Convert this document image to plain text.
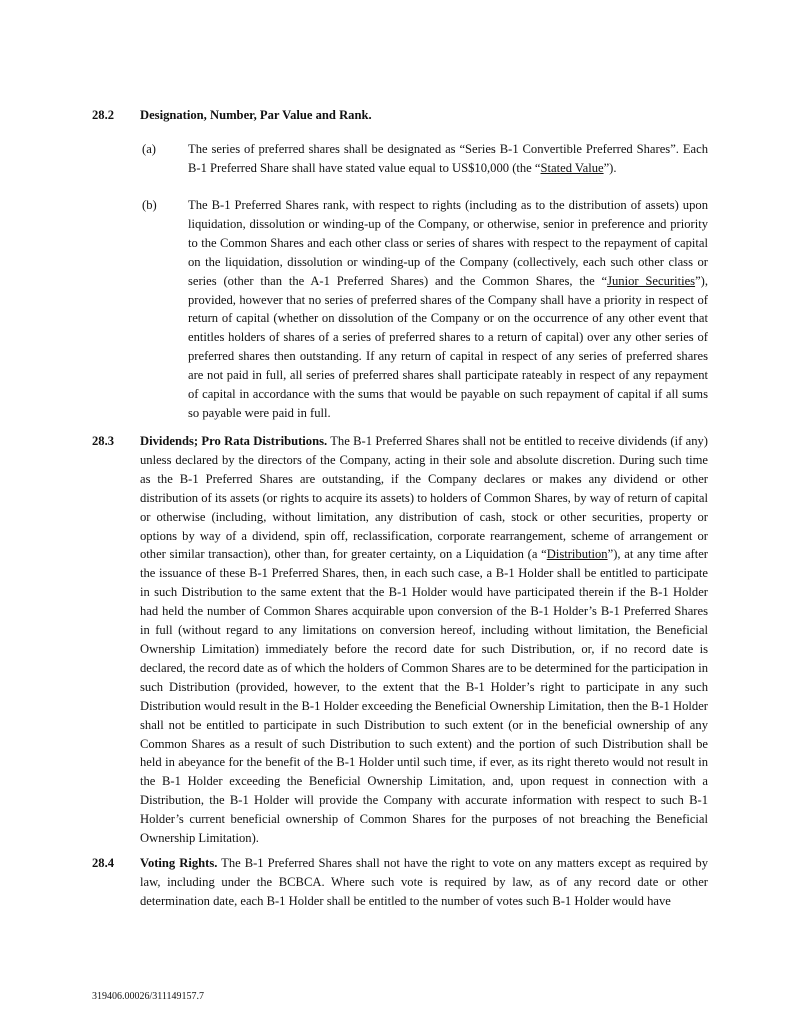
28.2 Designation, Number, Par Value and Rank.
(a)	The series of preferred shares shall be designated as “Series B-1 Convertible Preferred Shares”. Each B-1 Preferred Share shall have stated value equal to US$10,000 (the “Stated Value”).
(b) The B-1 Preferred Shares rank, with respect to rights (including as to the distribution of assets) upon liquidation, dissolution or winding-up of the Company, or otherwise, senior in preference and priority to the Common Shares and each other class or series of shares with respect to the repayment of capital on the liquidation, dissolution or winding-up of the Company (collectively, each such other class or series (other than the A-1 Preferred Shares) and the Common Shares, the “Junior Securities”), provided, however that no series of preferred shares of the Company shall have a priority in respect of return of capital (whether on dissolution of the Company or on the occurrence of any other event that entitles holders of shares of a series of preferred shares to a return of capital) over any other series of preferred shares then outstanding. If any return of capital in respect of any series of preferred shares are not paid in full, all series of preferred shares shall participate rateably in respect of any repayment of capital in accordance with the sums that would be payable on such repayment of capital if all sums so payable were paid in full.
28.3 Dividends; Pro Rata Distributions. The B-1 Preferred Shares shall not be entitled to receive dividends (if any) unless declared by the directors of the Company, acting in their sole and absolute discretion. During such time as the B-1 Preferred Shares are outstanding, if the Company declares or makes any dividend or other distribution of its assets (or rights to acquire its assets) to holders of Common Shares, by way of return of capital or otherwise (including, without limitation, any distribution of cash, stock or other securities, property or options by way of a dividend, spin off, reclassification, corporate rearrangement, scheme of arrangement or other similar transaction), other than, for greater certainty, on a Liquidation (a “Distribution”), at any time after the issuance of these B-1 Preferred Shares, then, in each such case, a B-1 Holder shall be entitled to participate in such Distribution to the same extent that the B-1 Holder would have participated therein if the B-1 Holder had held the number of Common Shares acquirable upon conversion of the B-1 Holder’s B-1 Preferred Shares in full (without regard to any limitations on conversion hereof, including without limitation, the Beneficial Ownership Limitation) immediately before the record date for such Distribution, or, if no record date is declared, the record date as of which the holders of Common Shares are to be determined for the participation in such Distribution (provided, however, to the extent that the B-1 Holder’s right to participate in any such Distribution would result in the B-1 Holder exceeding the Beneficial Ownership Limitation, then the B-1 Holder shall not be entitled to participate in such Distribution to such extent (or in the beneficial ownership of any Common Shares as a result of such Distribution to such extent) and the portion of such Distribution shall be held in abeyance for the benefit of the B-1 Holder until such time, if ever, as its right thereto would not result in the B-1 Holder exceeding the Beneficial Ownership Limitation, and, upon request in connection with a Distribution, the B-1 Holder will provide the Company with accurate information with respect to such B-1 Holder’s current beneficial ownership of Common Shares for the purposes of not breaching the Beneficial Ownership Limitation).
28.4 Voting Rights. The B-1 Preferred Shares shall not have the right to vote on any matters except as required by law, including under the BCBCA. Where such vote is required by law, as of any record date or other determination date, each B-1 Holder shall be entitled to the number of votes such B-1 Holder would have
319406.00026/311149157.7
